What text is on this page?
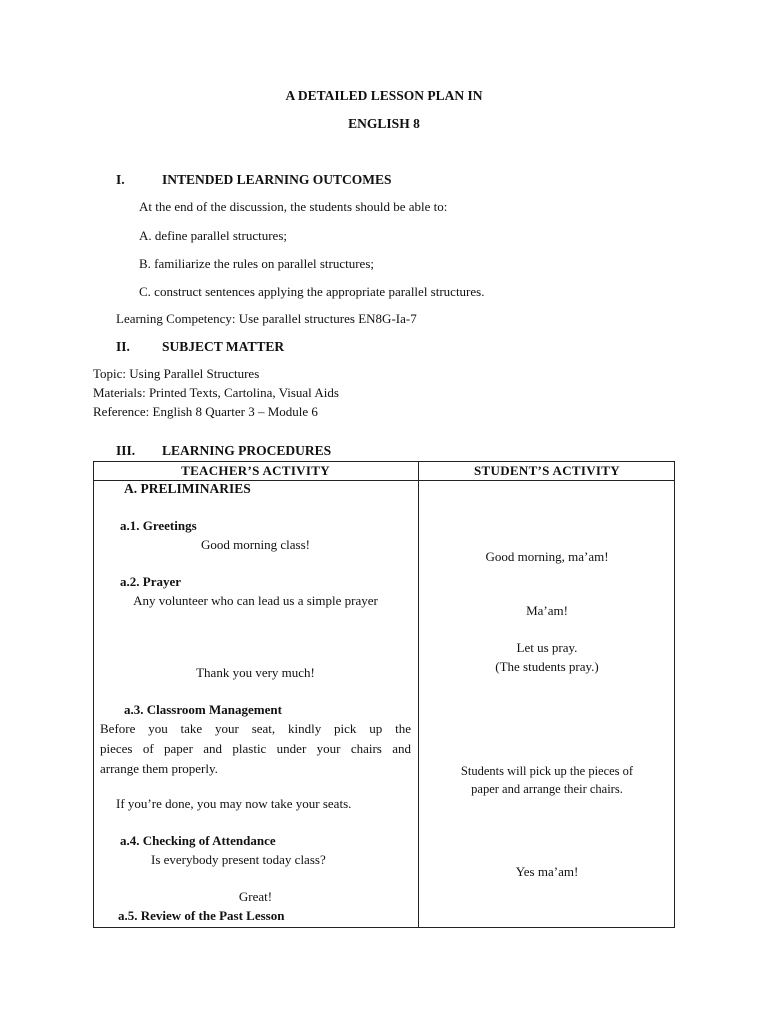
A DETAILED LESSON PLAN IN
ENGLISH 8
I.	INTENDED LEARNING OUTCOMES
At the end of the discussion, the students should be able to:
A. define parallel structures;
B. familiarize the rules on parallel structures;
C. construct sentences applying the appropriate parallel structures.
Learning Competency: Use parallel structures EN8G-Ia-7
II. SUBJECT MATTER
Topic: Using Parallel Structures
Materials: Printed Texts, Cartolina, Visual Aids
Reference: English 8 Quarter 3 – Module 6
III. LEARNING PROCEDURES
TEACHER’S ACTIVITY	STUDENT’S ACTIVITY
A. PRELIMINARIES
a.1. Greetings
Good morning class!
a.2. Prayer
Any volunteer who can lead us a simple prayer
Thank you very much!
a.3. Classroom Management
Before you take your seat, kindly pick up the
pieces of paper and plastic under your chairs and
arrange them properly.
If you’re done, you may now take your seats.
a.4. Checking of Attendance
Is everybody present today class?
Great!
a.5. Review of the Past Lesson
Good morning, ma’am!
Ma’am!
Let us pray.
(The students pray.)
Students will pick up the pieces of
paper and arrange their chairs.
Yes ma’am!
